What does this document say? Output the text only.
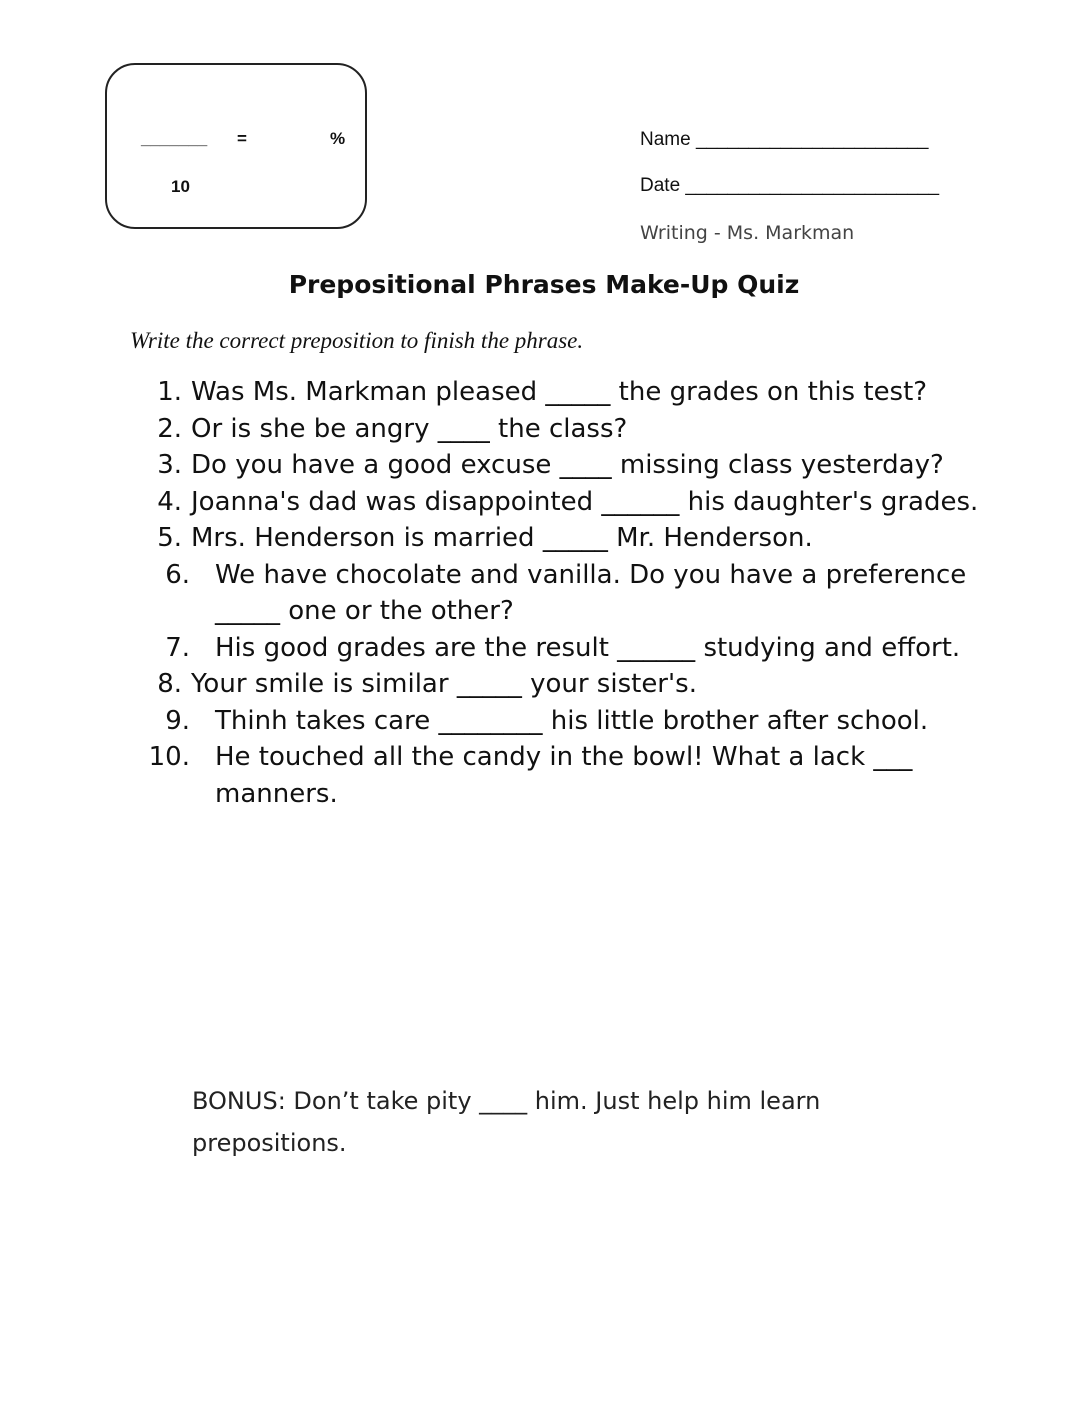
_______ =	%
10
Name ______________________
Date ________________________
Writing - Ms. Markman
Prepositional Phrases Make-Up Quiz
Write the correct preposition to finish the phrase.
1. Was Ms. Markman pleased _____ the grades on this test?
2. Or is she be angry ____ the class?
3. Do you have a good excuse ____ missing class yesterday?
4. Joanna's dad was disappointed ______ his daughter's grades.
5. Mrs. Henderson is married _____ Mr. Henderson.
6. We have chocolate and vanilla. Do you have a preference _____ one or the other?
7. His good grades are the result ______ studying and effort.
8. Your smile is similar _____ your sister's.
9. Thinh takes care ________ his little brother after school.
10. He touched all the candy in the bowl! What a lack ___ manners.
BONUS: Don’t take pity ____ him. Just help him learn prepositions.
